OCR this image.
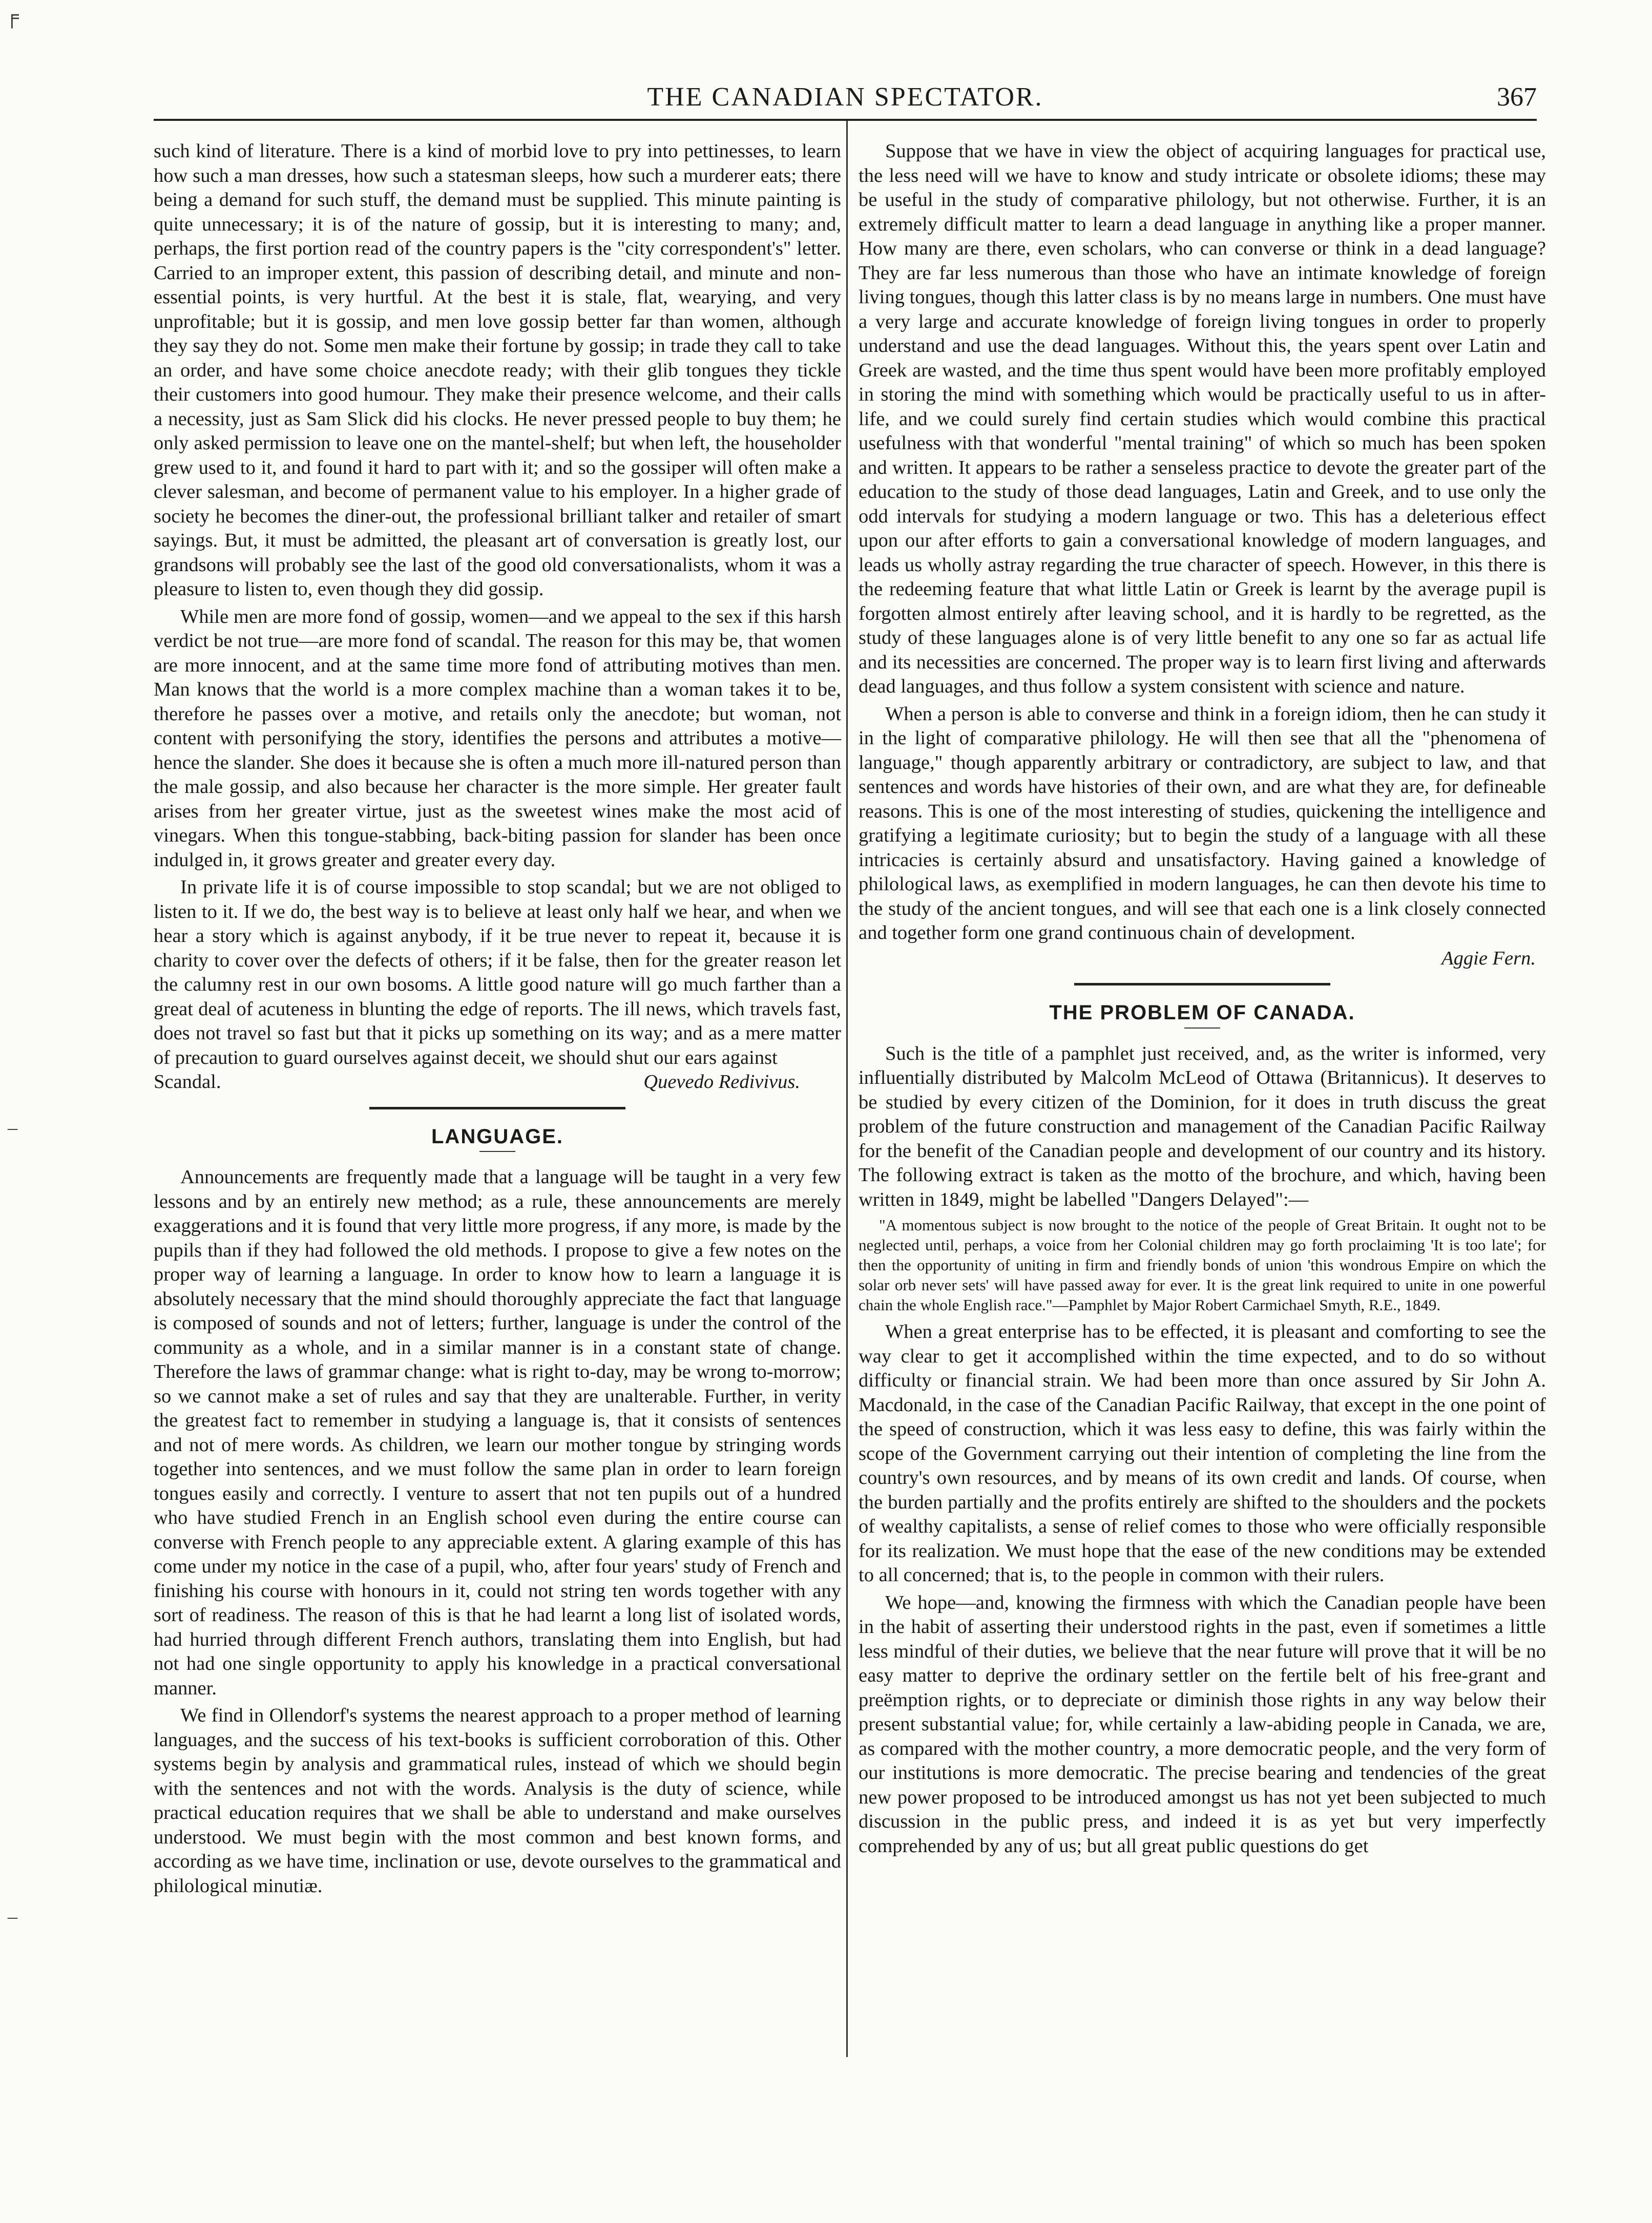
THE CANADIAN SPECTATOR.	367
╒
–
–

such kind of literature. There is a kind of morbid love to pry into pettinesses, to learn how such a man dresses, how such a statesman sleeps, how such a murderer eats; there being a demand for such stuff, the demand must be supplied. This minute painting is quite unnecessary; it is of the nature of gossip, but it is interesting to many; and, perhaps, the first portion read of the country papers is the "city correspondent's" letter. Carried to an improper extent, this passion of describing detail, and minute and non-essential points, is very hurtful. At the best it is stale, flat, wearying, and very unprofitable; but it is gossip, and men love gossip better far than women, although they say they do not. Some men make their fortune by gossip; in trade they call to take an order, and have some choice anecdote ready; with their glib tongues they tickle their customers into good humour. They make their presence welcome, and their calls a necessity, just as Sam Slick did his clocks. He never pressed people to buy them; he only asked permission to leave one on the mantel-shelf; but when left, the householder grew used to it, and found it hard to part with it; and so the gossiper will often make a clever salesman, and become of permanent value to his employer. In a higher grade of society he becomes the diner-out, the professional brilliant talker and retailer of smart sayings. But, it must be admitted, the pleasant art of conversation is greatly lost, our grandsons will probably see the last of the good old conversationalists, whom it was a pleasure to listen to, even though they did gossip.

While men are more fond of gossip, women—and we appeal to the sex if this harsh verdict be not true—are more fond of scandal. The reason for this may be, that women are more innocent, and at the same time more fond of attributing motives than men. Man knows that the world is a more complex machine than a woman takes it to be, therefore he passes over a motive, and retails only the anecdote; but woman, not content with personifying the story, identifies the persons and attributes a motive—hence the slander. She does it because she is often a much more ill-natured person than the male gossip, and also because her character is the more simple. Her greater fault arises from her greater virtue, just as the sweetest wines make the most acid of vinegars. When this tongue-stabbing, back-biting passion for slander has been once indulged in, it grows greater and greater every day.

In private life it is of course impossible to stop scandal; but we are not obliged to listen to it. If we do, the best way is to believe at least only half we hear, and when we hear a story which is against anybody, if it be true never to repeat it, because it is charity to cover over the defects of others; if it be false, then for the greater reason let the calumny rest in our own bosoms. A little good nature will go much farther than a great deal of acuteness in blunting the edge of reports. The ill news, which travels fast, does not travel so fast but that it picks up something on its way; and as a mere matter of precaution to guard ourselves against deceit, we should shut our ears against

Scandal.	Quevedo Redivivus.
LANGUAGE.

Announcements are frequently made that a language will be taught in a very few lessons and by an entirely new method; as a rule, these announcements are merely exaggerations and it is found that very little more progress, if any more, is made by the pupils than if they had followed the old methods. I propose to give a few notes on the proper way of learning a language. In order to know how to learn a language it is absolutely necessary that the mind should thoroughly appreciate the fact that language is composed of sounds and not of letters; further, language is under the control of the community as a whole, and in a similar manner is in a constant state of change. Therefore the laws of grammar change: what is right to-day, may be wrong to-morrow; so we cannot make a set of rules and say that they are unalterable. Further, in verity the greatest fact to remember in studying a language is, that it consists of sentences and not of mere words. As children, we learn our mother tongue by stringing words together into sentences, and we must follow the same plan in order to learn foreign tongues easily and correctly. I venture to assert that not ten pupils out of a hundred who have studied French in an English school even during the entire course can converse with French people to any appreciable extent. A glaring example of this has come under my notice in the case of a pupil, who, after four years' study of French and finishing his course with honours in it, could not string ten words together with any sort of readiness. The reason of this is that he had learnt a long list of isolated words, had hurried through different French authors, translating them into English, but had not had one single opportunity to apply his knowledge in a practical conversational manner.

We find in Ollendorf's systems the nearest approach to a proper method of learning languages, and the success of his text-books is sufficient corroboration of this. Other systems begin by analysis and grammatical rules, instead of which we should begin with the sentences and not with the words. Analysis is the duty of science, while practical education requires that we shall be able to understand and make ourselves understood. We must begin with the most common and best known forms, and according as we have time, inclination or use, devote ourselves to the grammatical and philological minutiæ.

Suppose that we have in view the object of acquiring languages for practical use, the less need will we have to know and study intricate or obsolete idioms; these may be useful in the study of comparative philology, but not otherwise. Further, it is an extremely difficult matter to learn a dead language in anything like a proper manner. How many are there, even scholars, who can converse or think in a dead language? They are far less numerous than those who have an intimate knowledge of foreign living tongues, though this latter class is by no means large in numbers. One must have a very large and accurate knowledge of foreign living tongues in order to properly understand and use the dead languages. Without this, the years spent over Latin and Greek are wasted, and the time thus spent would have been more profitably employed in storing the mind with something which would be practically useful to us in after-life, and we could surely find certain studies which would combine this practical usefulness with that wonderful "mental training" of which so much has been spoken and written. It appears to be rather a senseless practice to devote the greater part of the education to the study of those dead languages, Latin and Greek, and to use only the odd intervals for studying a modern language or two. This has a deleterious effect upon our after efforts to gain a conversational knowledge of modern languages, and leads us wholly astray regarding the true character of speech. However, in this there is the redeeming feature that what little Latin or Greek is learnt by the average pupil is forgotten almost entirely after leaving school, and it is hardly to be regretted, as the study of these languages alone is of very little benefit to any one so far as actual life and its necessities are concerned. The proper way is to learn first living and afterwards dead languages, and thus follow a system consistent with science and nature.

When a person is able to converse and think in a foreign idiom, then he can study it in the light of comparative philology. He will then see that all the "phenomena of language," though apparently arbitrary or contradictory, are subject to law, and that sentences and words have histories of their own, and are what they are, for defineable reasons. This is one of the most interesting of studies, quickening the intelligence and gratifying a legitimate curiosity; but to begin the study of a language with all these intricacies is certainly absurd and unsatisfactory. Having gained a knowledge of philological laws, as exemplified in modern languages, he can then devote his time to the study of the ancient tongues, and will see that each one is a link closely connected and together form one grand continuous chain of development.

Aggie Fern.
THE PROBLEM OF CANADA.

Such is the title of a pamphlet just received, and, as the writer is informed, very influentially distributed by Malcolm McLeod of Ottawa (Britannicus). It deserves to be studied by every citizen of the Dominion, for it does in truth discuss the great problem of the future construction and management of the Canadian Pacific Railway for the benefit of the Canadian people and development of our country and its history. The following extract is taken as the motto of the brochure, and which, having been written in 1849, might be labelled "Dangers Delayed":—

"A momentous subject is now brought to the notice of the people of Great Britain. It ought not to be neglected until, perhaps, a voice from her Colonial children may go forth proclaiming 'It is too late'; for then the opportunity of uniting in firm and friendly bonds of union 'this wondrous Empire on which the solar orb never sets' will have passed away for ever. It is the great link required to unite in one powerful chain the whole English race."—Pamphlet by Major Robert Carmichael Smyth, R.E., 1849.

When a great enterprise has to be effected, it is pleasant and comforting to see the way clear to get it accomplished within the time expected, and to do so without difficulty or financial strain. We had been more than once assured by Sir John A. Macdonald, in the case of the Canadian Pacific Railway, that except in the one point of the speed of construction, which it was less easy to define, this was fairly within the scope of the Government carrying out their intention of completing the line from the country's own resources, and by means of its own credit and lands. Of course, when the burden partially and the profits entirely are shifted to the shoulders and the pockets of wealthy capitalists, a sense of relief comes to those who were officially responsible for its realization. We must hope that the ease of the new conditions may be extended to all concerned; that is, to the people in common with their rulers.

We hope—and, knowing the firmness with which the Canadian people have been in the habit of asserting their understood rights in the past, even if sometimes a little less mindful of their duties, we believe that the near future will prove that it will be no easy matter to deprive the ordinary settler on the fertile belt of his free-grant and preëmption rights, or to depreciate or diminish those rights in any way below their present substantial value; for, while certainly a law-abiding people in Canada, we are, as compared with the mother country, a more democratic people, and the very form of our institutions is more democratic. The precise bearing and tendencies of the great new power proposed to be introduced amongst us has not yet been subjected to much discussion in the public press, and indeed it is as yet but very imperfectly comprehended by any of us; but all great public questions do get
